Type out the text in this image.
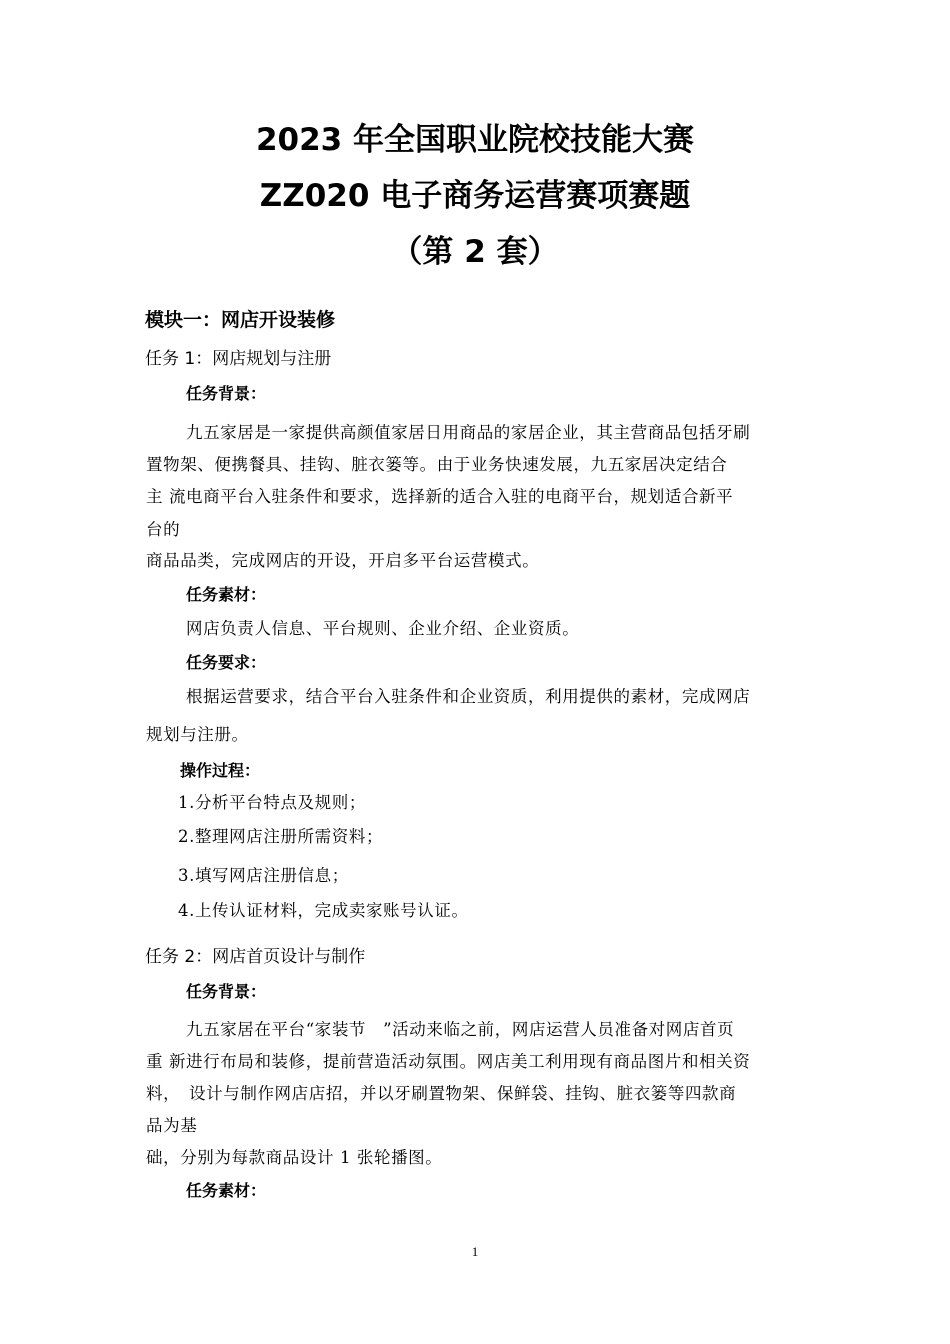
2023 年全国职业院校技能大赛
ZZ020 电子商务运营赛项赛题
（第 2 套）
模块一：网店开设装修
任务 1：网店规划与注册
任务背景：
九五家居是一家提供高颜值家居日用商品的家居企业，其主营商品包括牙刷
置物架、便携餐具、挂钩、脏衣篓等。由于业务快速发展，九五家居决定结合
主 流电商平台入驻条件和要求，选择新的适合入驻的电商平台，规划适合新平
台的
商品品类，完成网店的开设，开启多平台运营模式。
任务素材：
网店负责人信息、平台规则、企业介绍、企业资质。
任务要求：
根据运营要求，结合平台入驻条件和企业资质，利用提供的素材，完成网店
规划与注册。
操作过程：
1.分析平台特点及规则；
2.整理网店注册所需资料；
3.填写网店注册信息；
4.上传认证材料，完成卖家账号认证。
任务 2：网店首页设计与制作
任务背景：
九五家居在平台“家装节　”活动来临之前，网店运营人员准备对网店首页
重 新进行布局和装修，提前营造活动氛围。网店美工利用现有商品图片和相关资
料，　设计与制作网店店招，并以牙刷置物架、保鲜袋、挂钩、脏衣篓等四款商
品为基
础，分别为每款商品设计 1 张轮播图。
任务素材：
1
